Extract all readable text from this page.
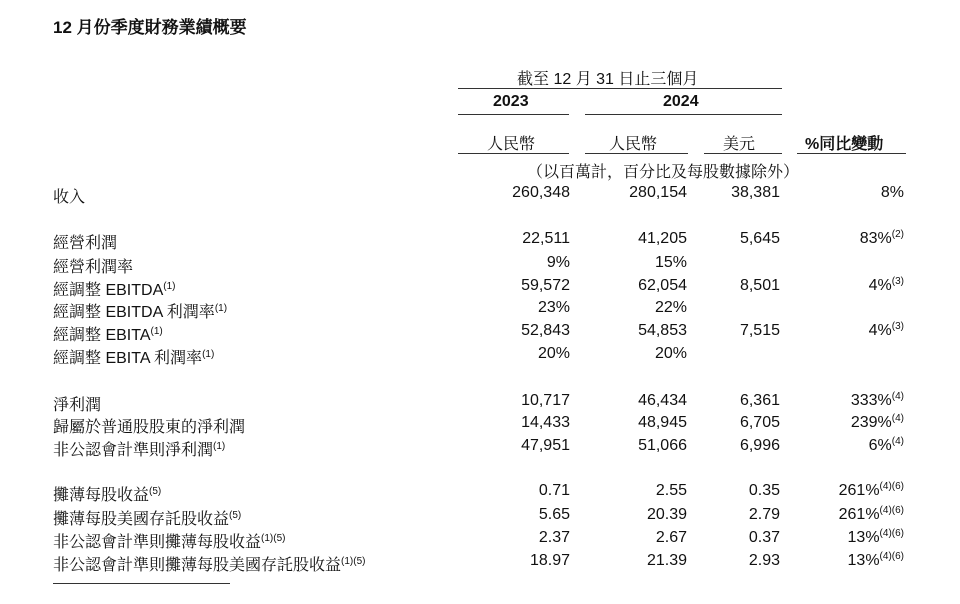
12 月份季度財務業績概要
截至 12 月 31 日止三個月
2023	2024
人民幣	人民幣	美元	%同比變動
（以百萬計，百分比及每股數據除外）
收入	260,348	280,154	38,381	8%
經營利潤	22,511	41,205	5,645	83%$^{(2)}$
經營利潤率	9%	15%
經調整 EBITDA$^{(1)}$	59,572	62,054	8,501	4%$^{(3)}$
經調整 EBITDA 利潤率$^{(1)}$	23%	22%
經調整 EBITA$^{(1)}$	52,843	54,853	7,515	4%$^{(3)}$
經調整 EBITA 利潤率$^{(1)}$	20%	20%
淨利潤	10,717	46,434	6,361	333%$^{(4)}$
歸屬於普通股股東的淨利潤	14,433	48,945	6,705	239%$^{(4)}$
非公認會計準則淨利潤$^{(1)}$	47,951	51,066	6,996	6%$^{(4)}$
攤薄每股收益$^{(5)}$	0.71	2.55	0.35	261%$^{(4)(6)}$
攤薄每股美國存託股收益$^{(5)}$	5.65	20.39	2.79	261%$^{(4)(6)}$
非公認會計準則攤薄每股收益$^{(1)(5)}$	2.37	2.67	0.37	13%$^{(4)(6)}$
非公認會計準則攤薄每股美國存託股收益$^{(1)(5)}$	18.97	21.39	2.93	13%$^{(4)(6)}$
